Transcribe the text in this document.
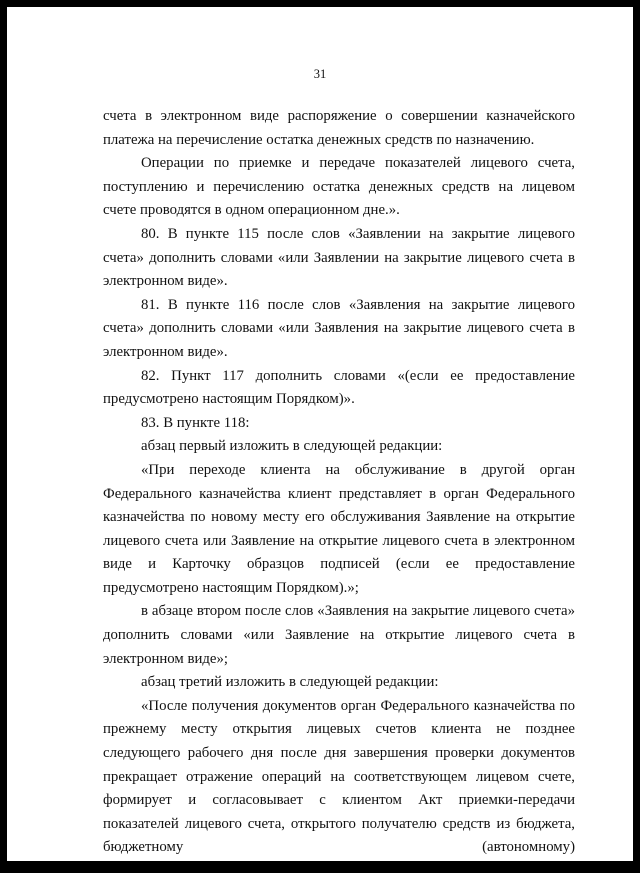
31

счета в электронном виде распоряжение о совершении казначейского платежа на перечисление остатка денежных средств по назначению.

Операции по приемке и передаче показателей лицевого счета, поступлению и перечислению остатка денежных средств на лицевом счете проводятся в одном операционном дне.».

80. В пункте 115 после слов «Заявлении на закрытие лицевого счета» дополнить словами «или Заявлении на закрытие лицевого счета в электронном виде».

81. В пункте 116 после слов «Заявления на закрытие лицевого счета» дополнить словами «или Заявления на закрытие лицевого счета в электронном виде».

82. Пункт 117 дополнить словами «(если ее предоставление предусмотрено настоящим Порядком)».

83. В пункте 118:

абзац первый изложить в следующей редакции:

«При переходе клиента на обслуживание в другой орган Федерального казначейства клиент представляет в орган Федерального казначейства по новому месту его обслуживания Заявление на открытие лицевого счета или Заявление на открытие лицевого счета в электронном виде и Карточку образцов подписей (если ее предоставление предусмотрено настоящим Порядком).»;

в абзаце втором после слов «Заявления на закрытие лицевого счета» дополнить словами «или Заявление на открытие лицевого счета в электронном виде»;

абзац третий изложить в следующей редакции:

«После получения документов орган Федерального казначейства по прежнему месту открытия лицевых счетов клиента не позднее следующего рабочего дня после дня завершения проверки документов прекращает отражение операций на соответствующем лицевом счете, формирует и согласовывает с клиентом Акт приемки-передачи показателей лицевого счета, открытого получателю средств из бюджета, бюджетному (автономному)
